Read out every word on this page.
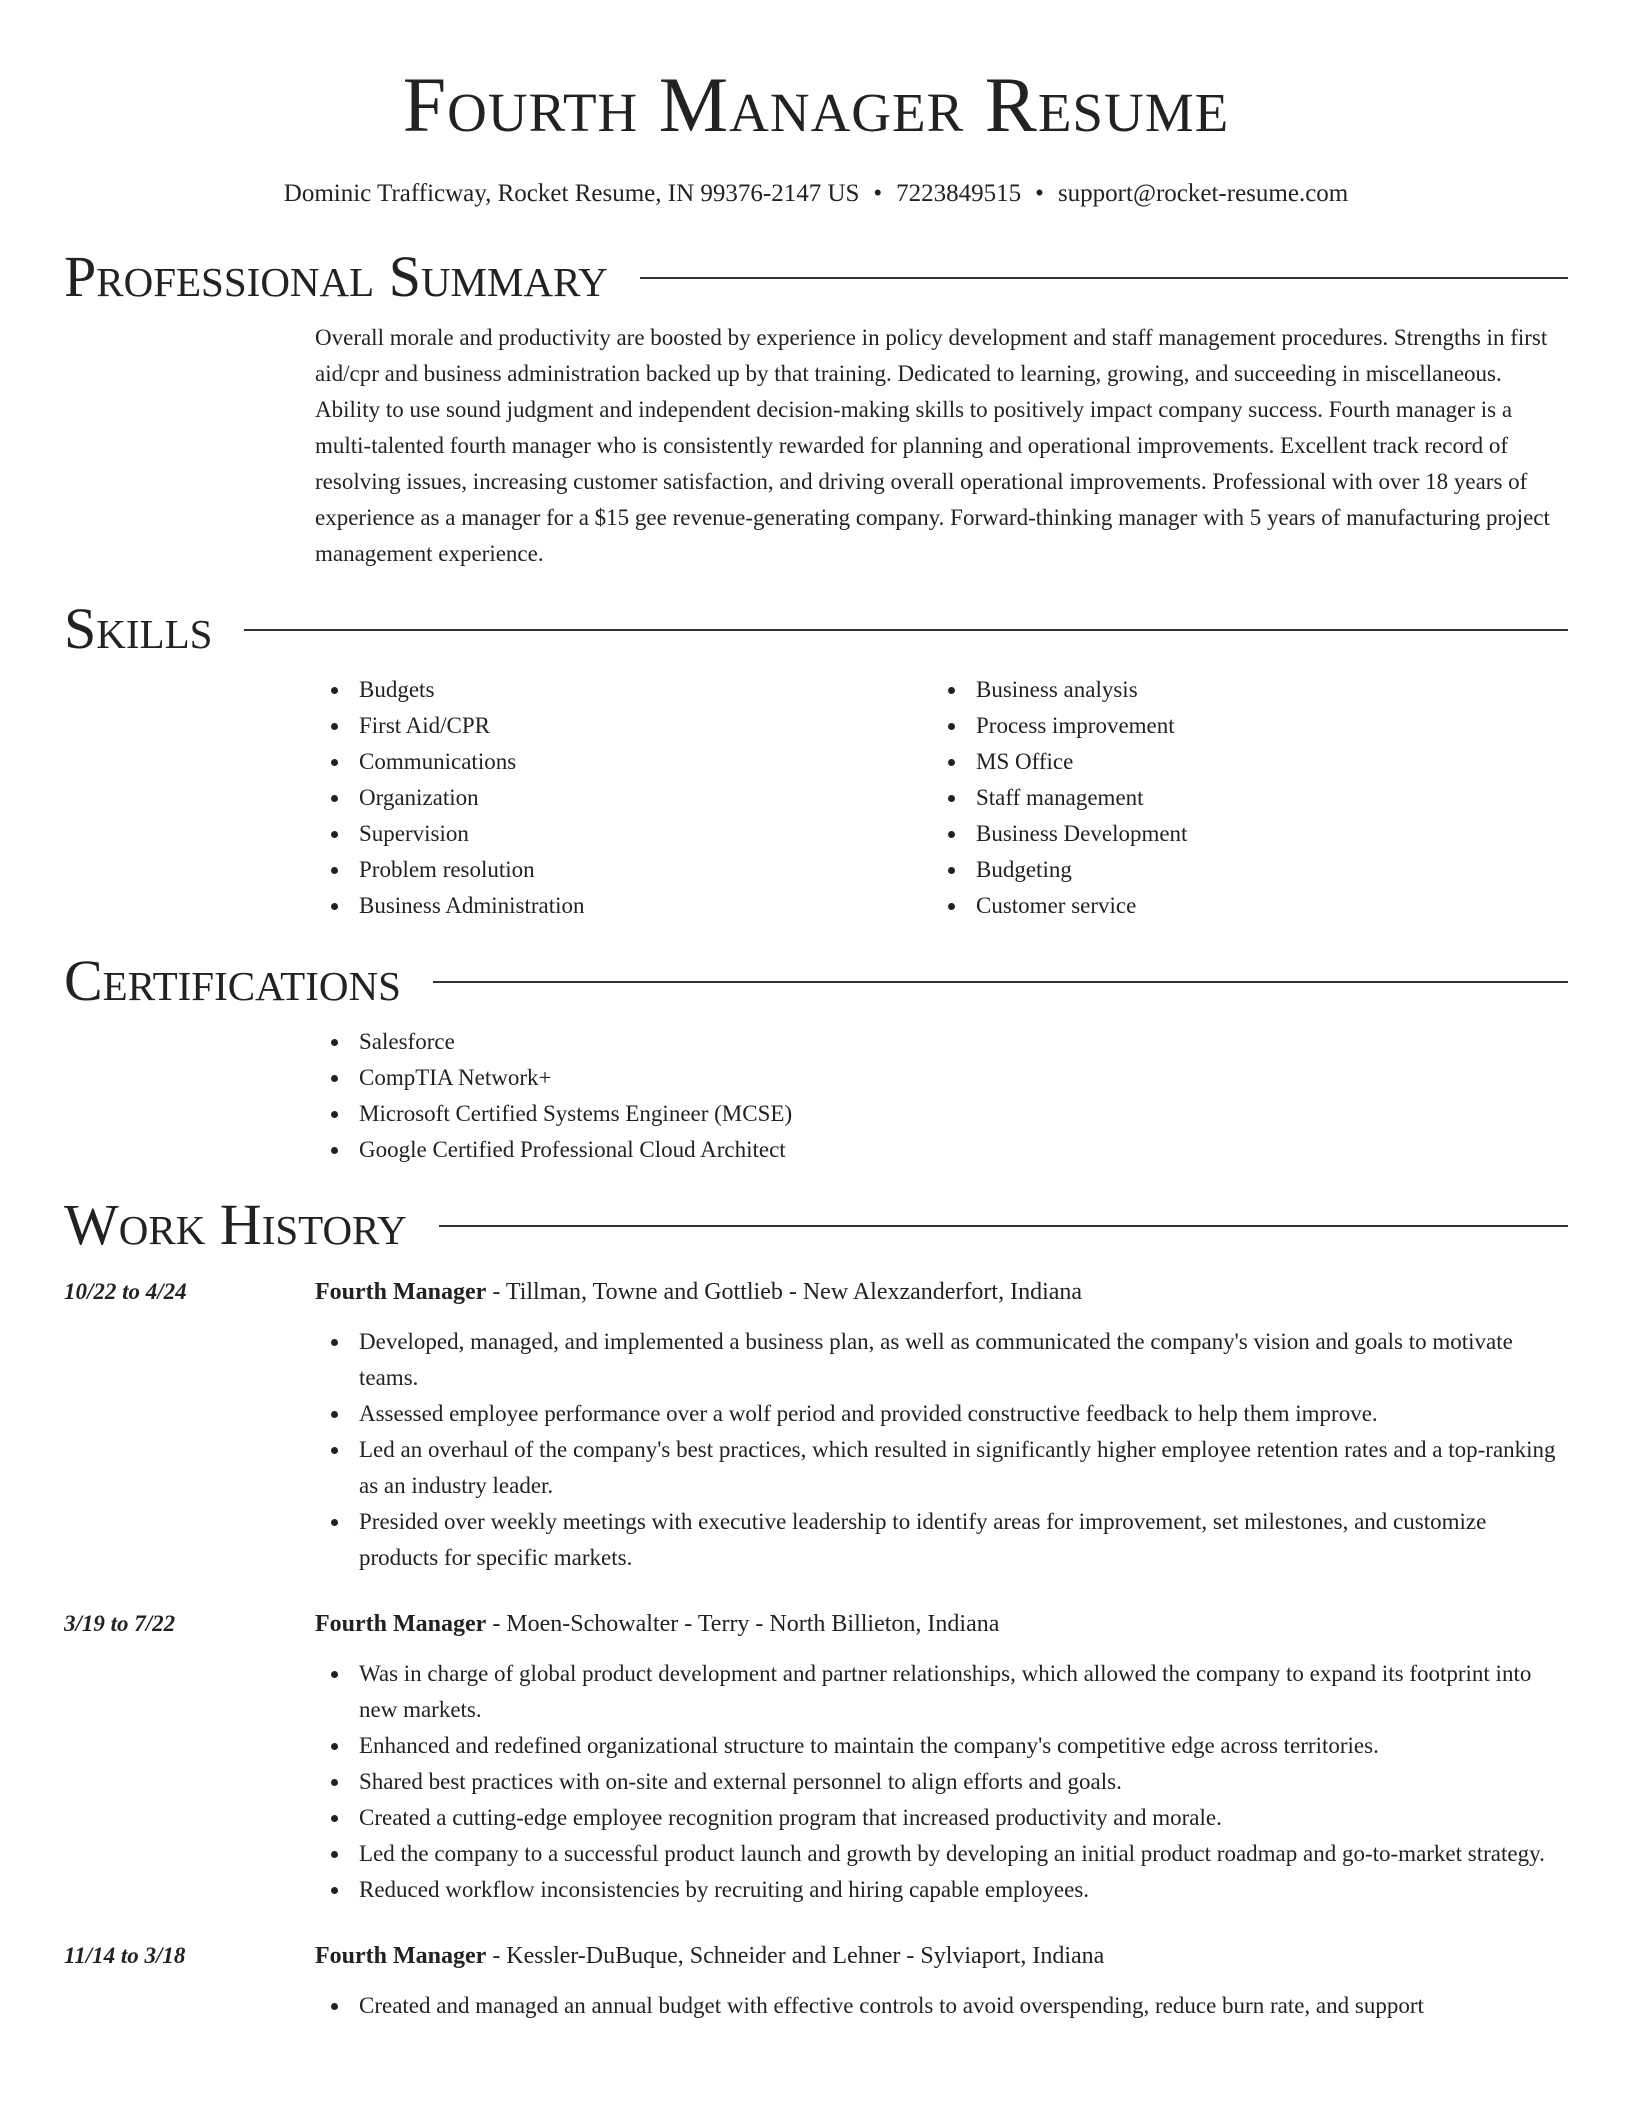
Fourth Manager Resume
Dominic Trafficway, Rocket Resume, IN 99376-2147 US • 7223849515 • support@rocket-resume.com
Professional Summary
Overall morale and productivity are boosted by experience in policy development and staff management procedures. Strengths in first aid/cpr and business administration backed up by that training. Dedicated to learning, growing, and succeeding in miscellaneous. Ability to use sound judgment and independent decision-making skills to positively impact company success. Fourth manager is a multi-talented fourth manager who is consistently rewarded for planning and operational improvements. Excellent track record of resolving issues, increasing customer satisfaction, and driving overall operational improvements. Professional with over 18 years of experience as a manager for a $15 gee revenue-generating company. Forward-thinking manager with 5 years of manufacturing project management experience.
Skills
Budgets
First Aid/CPR
Communications
Organization
Supervision
Problem resolution
Business Administration
Business analysis
Process improvement
MS Office
Staff management
Business Development
Budgeting
Customer service
Certifications
Salesforce
CompTIA Network+
Microsoft Certified Systems Engineer (MCSE)
Google Certified Professional Cloud Architect
Work History
10/22 to 4/24	Fourth Manager - Tillman, Towne and Gottlieb - New Alexzanderfort, Indiana
Developed, managed, and implemented a business plan, as well as communicated the company's vision and goals to motivate teams.
Assessed employee performance over a wolf period and provided constructive feedback to help them improve.
Led an overhaul of the company's best practices, which resulted in significantly higher employee retention rates and a top-ranking as an industry leader.
Presided over weekly meetings with executive leadership to identify areas for improvement, set milestones, and customize products for specific markets.
3/19 to 7/22	Fourth Manager - Moen-Schowalter - Terry - North Billieton, Indiana
Was in charge of global product development and partner relationships, which allowed the company to expand its footprint into new markets.
Enhanced and redefined organizational structure to maintain the company's competitive edge across territories.
Shared best practices with on-site and external personnel to align efforts and goals.
Created a cutting-edge employee recognition program that increased productivity and morale.
Led the company to a successful product launch and growth by developing an initial product roadmap and go-to-market strategy.
Reduced workflow inconsistencies by recruiting and hiring capable employees.
11/14 to 3/18	Fourth Manager - Kessler-DuBuque, Schneider and Lehner - Sylviaport, Indiana
Created and managed an annual budget with effective controls to avoid overspending, reduce burn rate, and support
